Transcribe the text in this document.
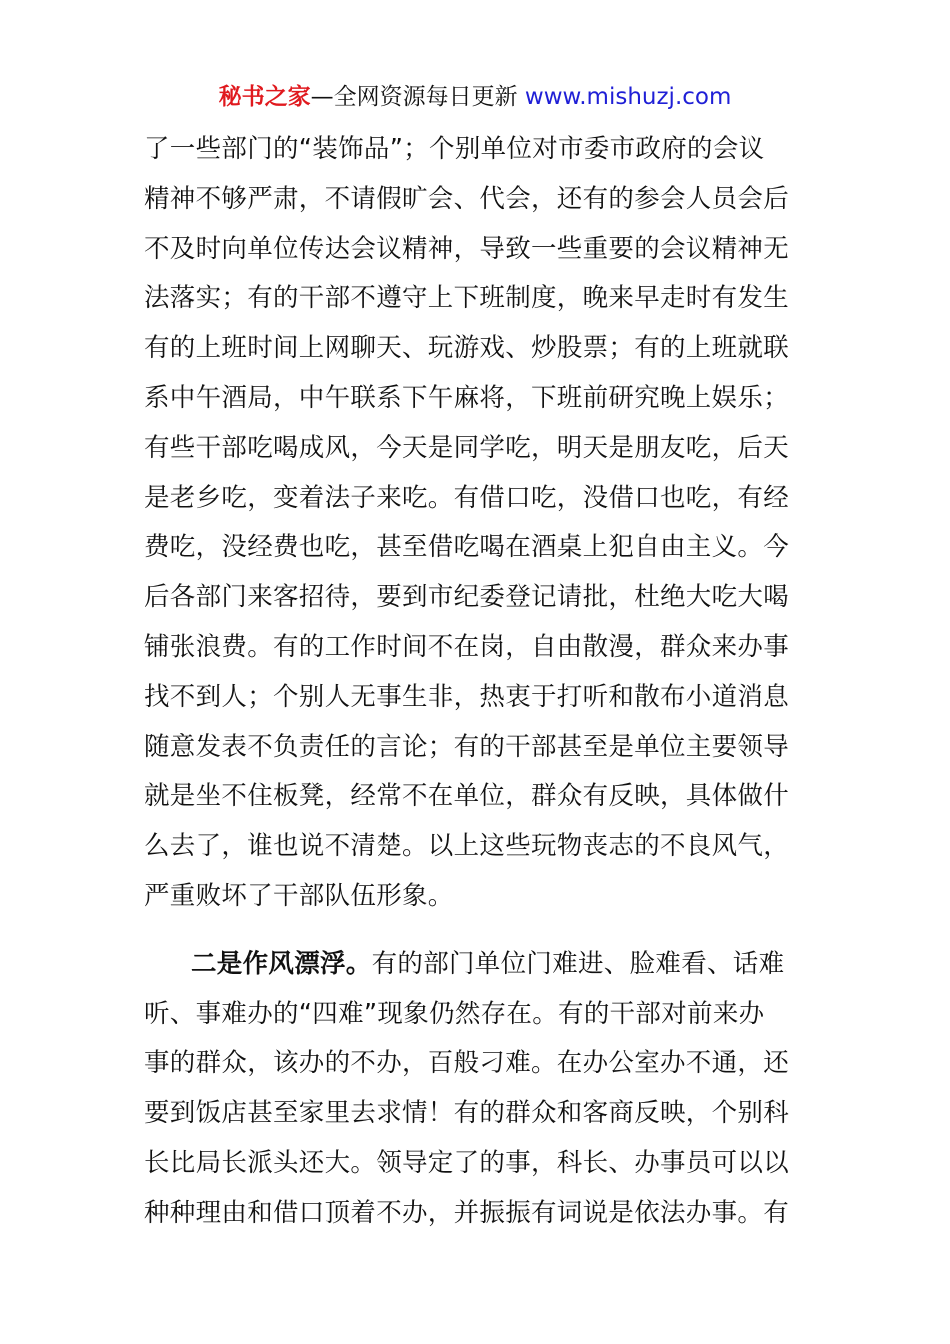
秘书之家—全网资源每日更新 www.mishuzj.com
了一些部门的“装饰品”；个别单位对市委市政府的会议
精神不够严肃，不请假旷会、代会，还有的参会人员会后
不及时向单位传达会议精神，导致一些重要的会议精神无
法落实；有的干部不遵守上下班制度，晚来早走时有发生
有的上班时间上网聊天、玩游戏、炒股票；有的上班就联
系中午酒局，中午联系下午麻将，下班前研究晚上娱乐；
有些干部吃喝成风，今天是同学吃，明天是朋友吃，后天
是老乡吃，变着法子来吃。有借口吃，没借口也吃，有经
费吃，没经费也吃，甚至借吃喝在酒桌上犯自由主义。今
后各部门来客招待，要到市纪委登记请批，杜绝大吃大喝
铺张浪费。有的工作时间不在岗，自由散漫，群众来办事
找不到人；个别人无事生非，热衷于打听和散布小道消息
随意发表不负责任的言论；有的干部甚至是单位主要领导
就是坐不住板凳，经常不在单位，群众有反映，具体做什
么去了，谁也说不清楚。以上这些玩物丧志的不良风气，
严重败坏了干部队伍形象。
二是作风漂浮。有的部门单位门难进、脸难看、话难
听、事难办的“四难”现象仍然存在。有的干部对前来办
事的群众，该办的不办，百般刁难。在办公室办不通，还
要到饭店甚至家里去求情！有的群众和客商反映，个别科
长比局长派头还大。领导定了的事，科长、办事员可以以
种种理由和借口顶着不办，并振振有词说是依法办事。有
